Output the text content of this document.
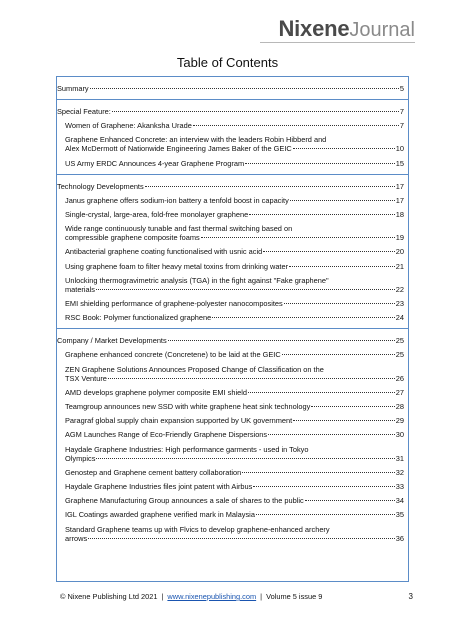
NixeneJournal
Table of Contents
Summary	5
Special Feature:	7
Women of Graphene: Akanksha Urade	7
Graphene Enhanced Concrete: an interview with the leaders Robin Hibberd and
Alex McDermott of Nationwide Engineering James Baker of the GEIC	10
US Army ERDC Announces 4-year Graphene Program	15
Technology Developments	17
Janus graphene offers sodium-ion battery a tenfold boost in capacity	17
Single-crystal, large-area, fold-free monolayer graphene	18
Wide range continuously tunable and fast thermal switching based on
compressible graphene composite foams	19
Antibacterial graphene coating functionalised with usnic acid	20
Using graphene foam to filter heavy metal toxins from drinking water	21
Unlocking thermogravimetric analysis (TGA) in the fight against "Fake graphene"
materials	22
EMI shielding performance of graphene-polyester nanocomposites	23
RSC Book: Polymer functionalized graphene	24
Company / Market Developments	25
Graphene enhanced concrete (Concretene) to be laid at the GEIC	25
ZEN Graphene Solutions Announces Proposed Change of Classification on the
TSX Venture	26
AMD develops graphene polymer composite EMI shield	27
Teamgroup announces new SSD with white graphene heat sink technology	28
Paragraf global supply chain expansion supported by UK government	29
AGM Launches Range of Eco-Friendly Graphene Dispersions	30
Haydale Graphene Industries: High performance garments - used in Tokyo
Olympics	31
Genostep and Graphene cement battery collaboration	32
Haydale Graphene Industries files joint patent with Airbus	33
Graphene Manufacturing Group announces a sale of shares to the public	34
IGL Coatings awarded graphene verified mark in Malaysia	35
Standard Graphene teams up with Flvics to develop graphene-enhanced archery
arrows	36
© Nixene Publishing Ltd 2021 | www.nixenepublishing.com | Volume 5 issue 9	3
